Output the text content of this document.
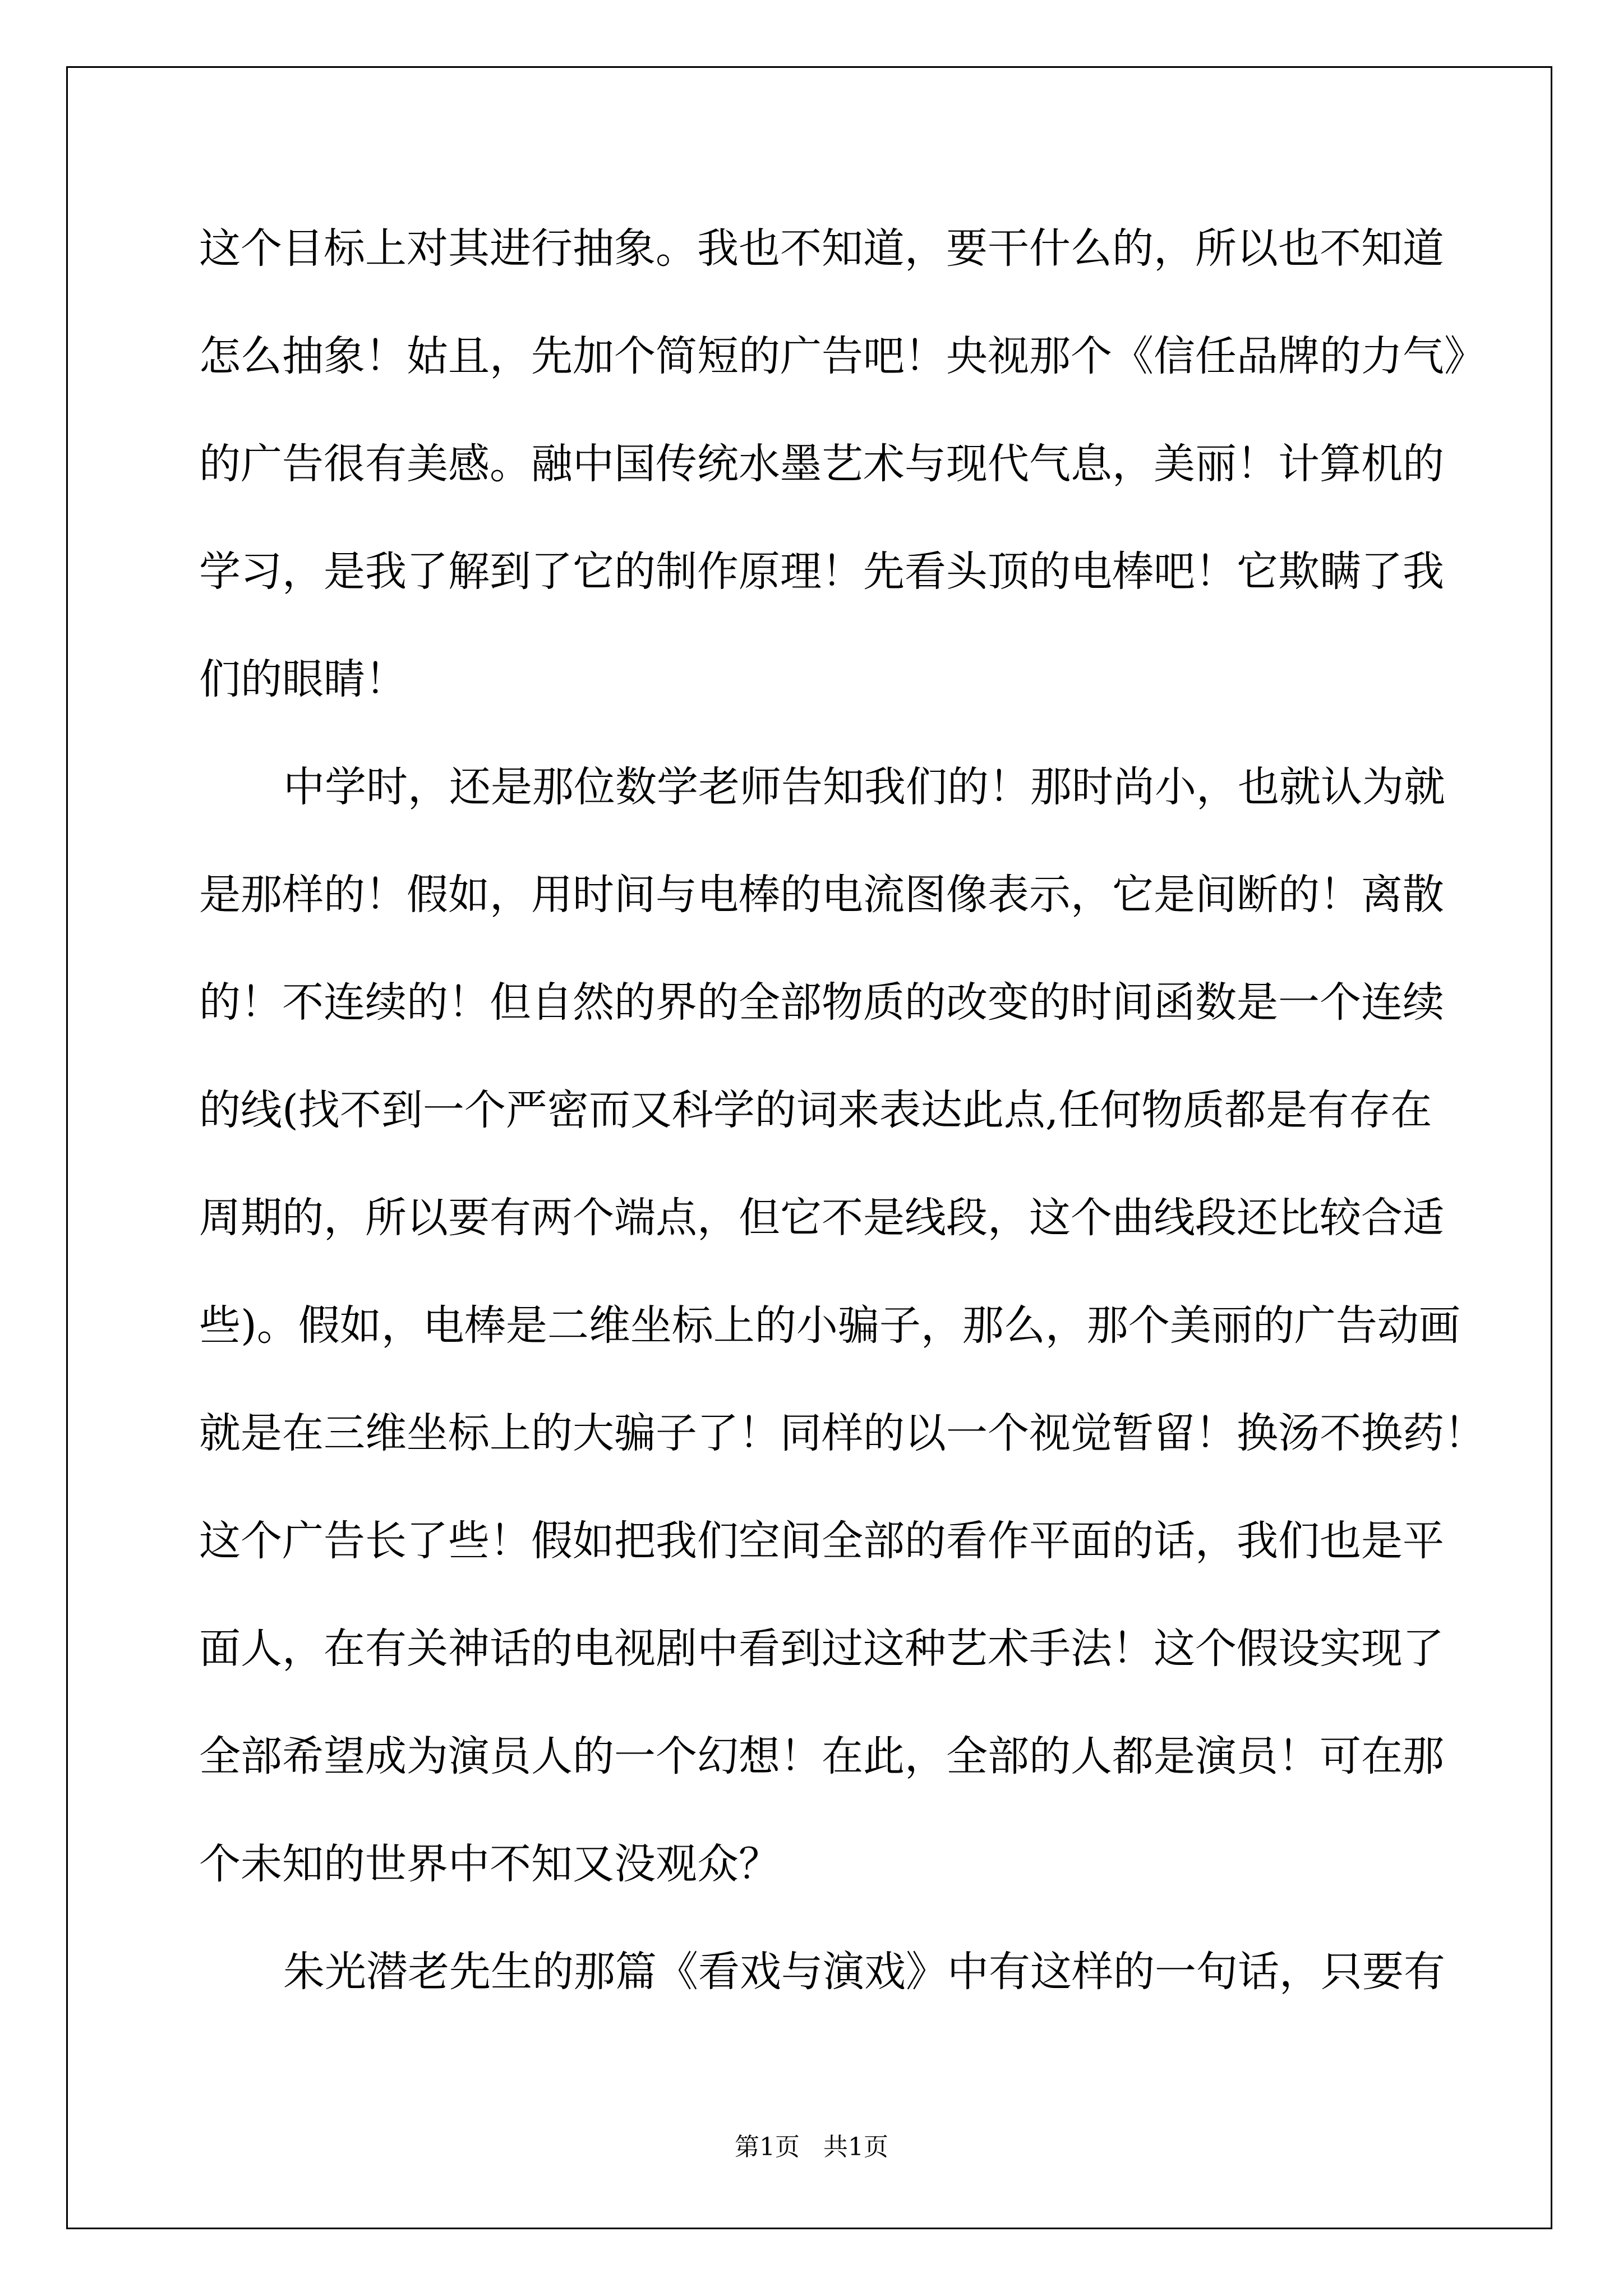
这个目标上对其进行抽象。我也不知道，要干什么的，所以也不知道
怎么抽象！姑且，先加个简短的广告吧！央视那个《信任品牌的力气》
的广告很有美感。融中国传统水墨艺术与现代气息，美丽！计算机的
学习，是我了解到了它的制作原理！先看头顶的电棒吧！它欺瞒了我
们的眼睛！
中学时，还是那位数学老师告知我们的！那时尚小，也就认为就
是那样的！假如，用时间与电棒的电流图像表示，它是间断的！离散
的！不连续的！但自然的界的全部物质的改变的时间函数是一个连续
的线(找不到一个严密而又科学的词来表达此点,任何物质都是有存在
周期的，所以要有两个端点，但它不是线段，这个曲线段还比较合适
些)。假如，电棒是二维坐标上的小骗子，那么，那个美丽的广告动画
就是在三维坐标上的大骗子了！同样的以一个视觉暂留！换汤不换药！
这个广告长了些！假如把我们空间全部的看作平面的话，我们也是平
面人，在有关神话的电视剧中看到过这种艺术手法！这个假设实现了
全部希望成为演员人的一个幻想！在此，全部的人都是演员！可在那
个未知的世界中不知又没观众？
朱光潜老先生的那篇《看戏与演戏》中有这样的一句话，只要有
第1页   共1页
